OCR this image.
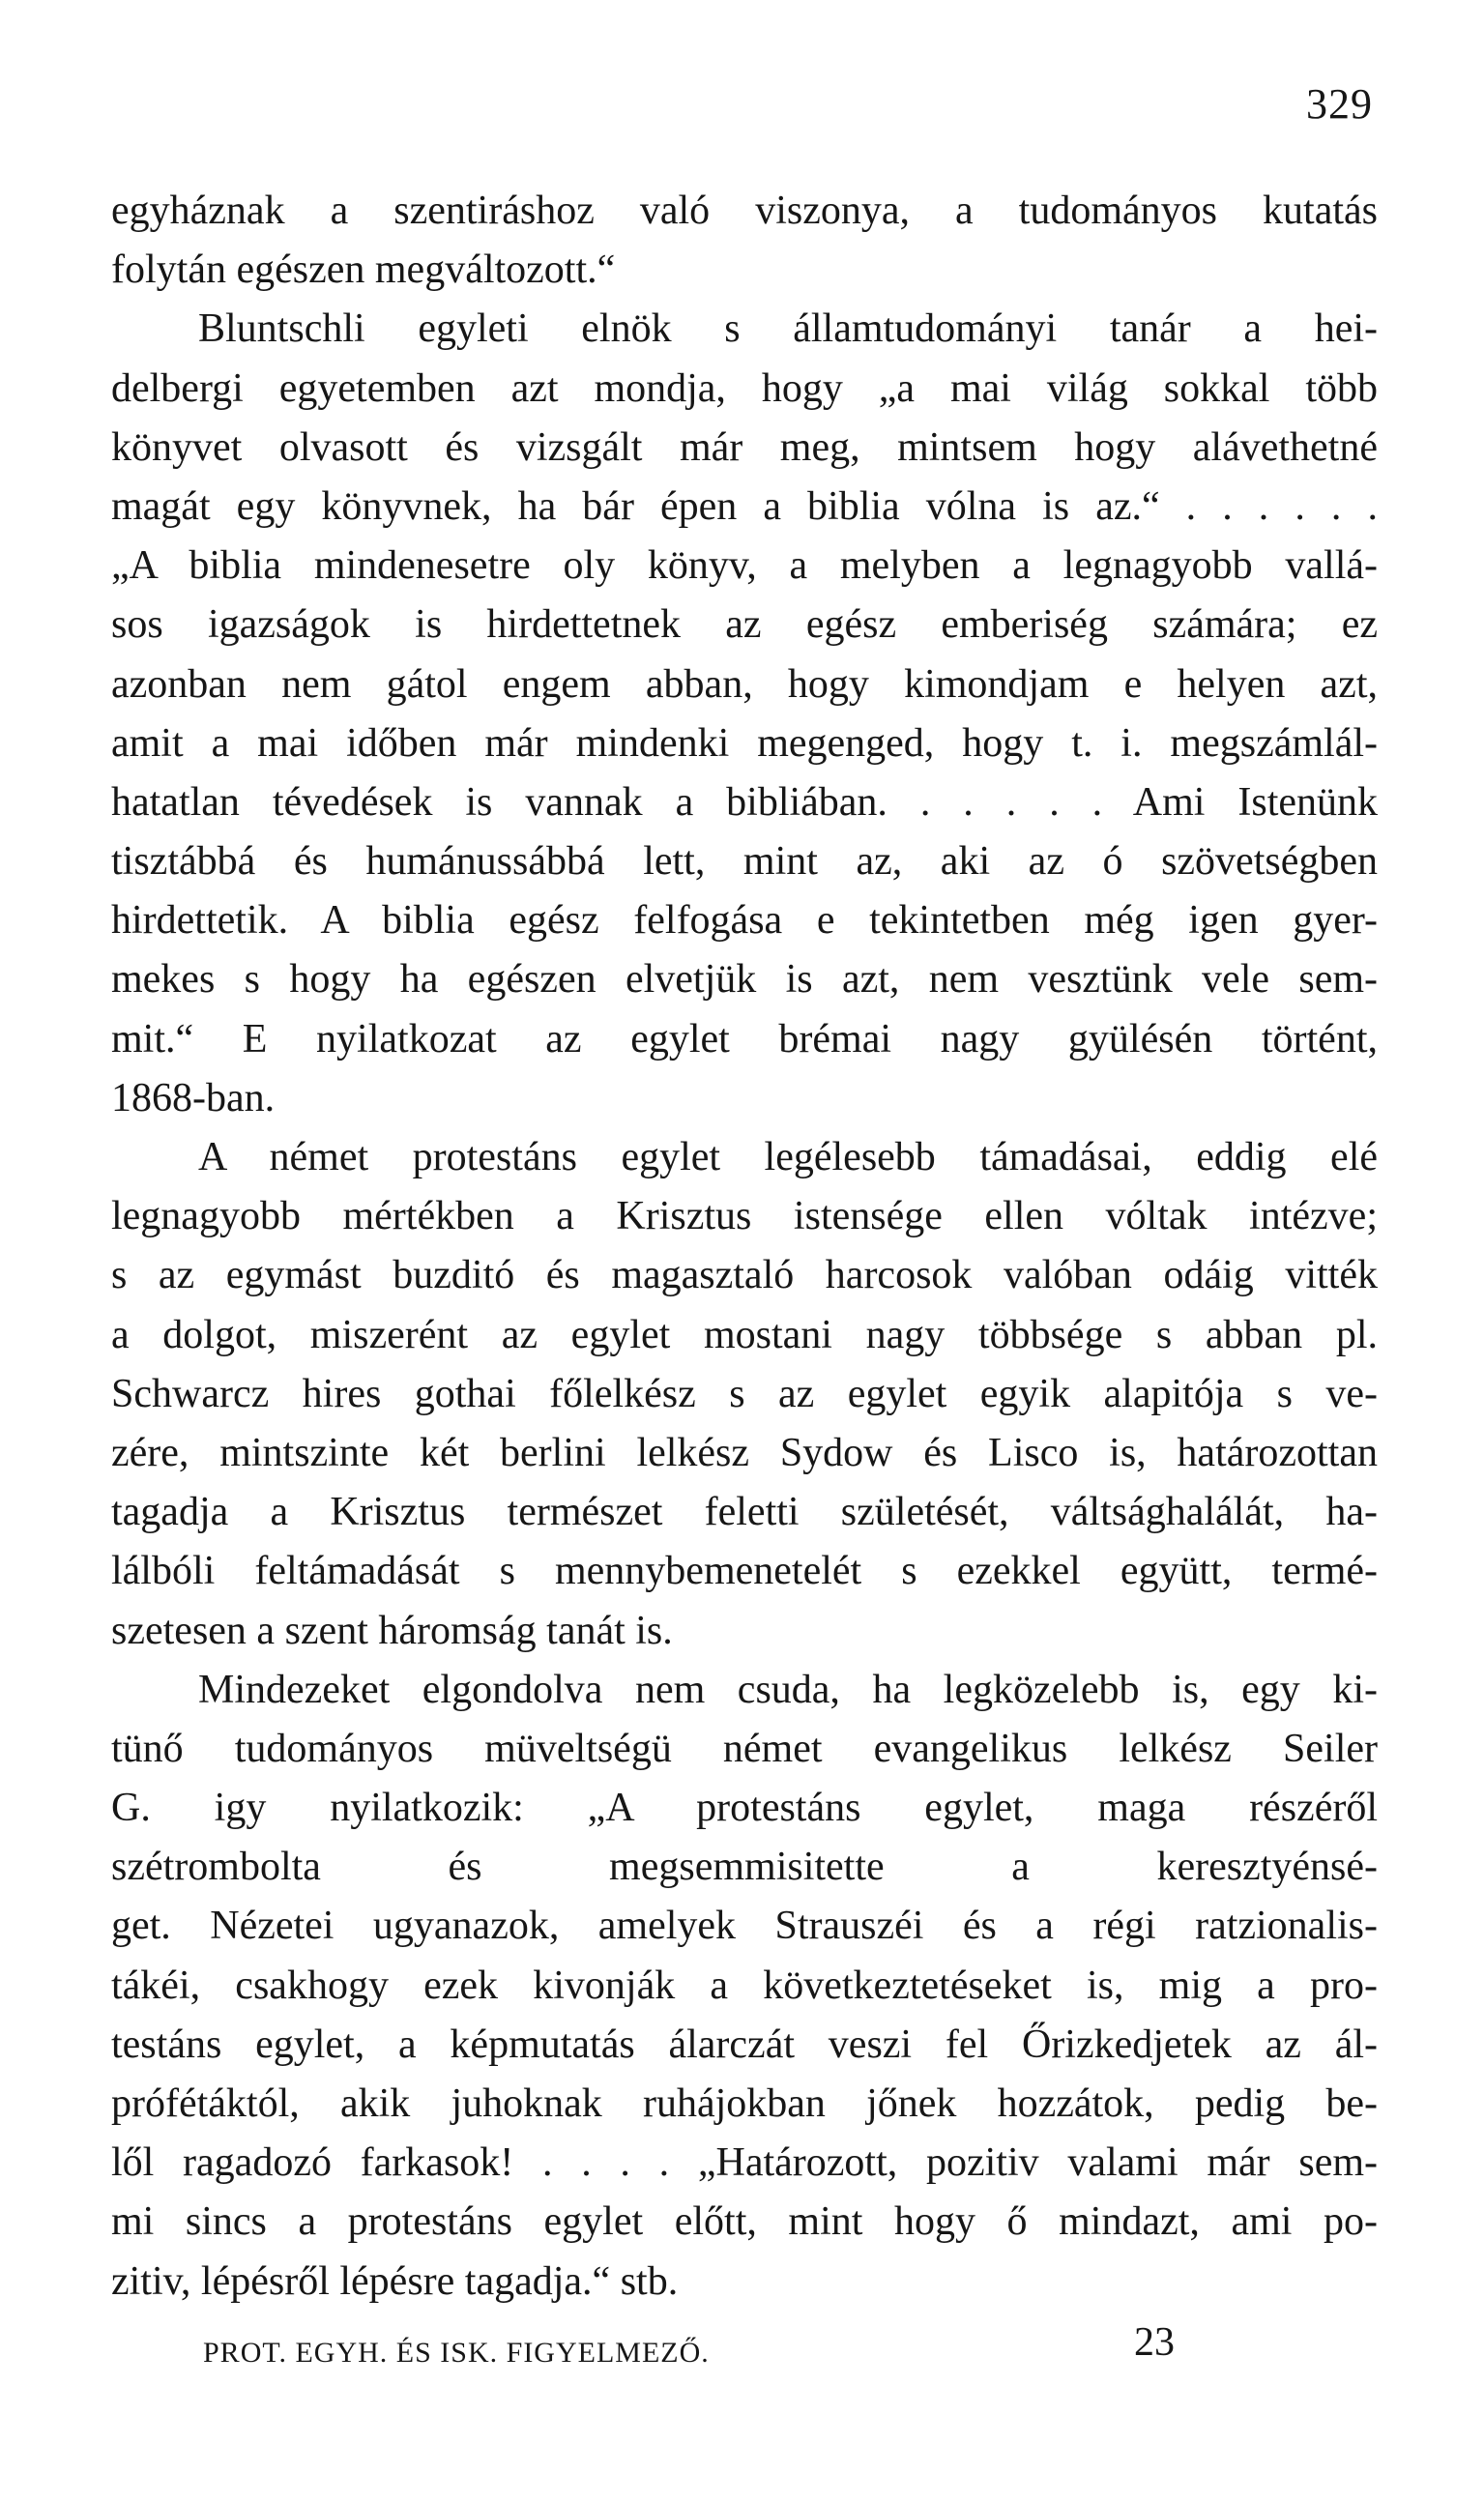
329
egyháznak a szentiráshoz való viszonya, a tudományos kutatás
folytán egészen megváltozott.“
Bluntschli egyleti elnök s államtudományi tanár a hei-
delbergi egyetemben azt mondja, hogy „a mai világ sokkal több
könyvet olvasott és vizsgált már meg, mintsem hogy alávethetné
magát egy könyvnek, ha bár épen a biblia vólna is az.“ . . . . . .
„A biblia mindenesetre oly könyv, a melyben a legnagyobb vallá-
sos igazságok is hirdettetnek az egész emberiség számára; ez
azonban nem gátol engem abban, hogy kimondjam e helyen azt,
amit a mai időben már mindenki megenged, hogy t. i. megszámlál-
hatatlan tévedések is vannak a bibliában. . . . . . Ami Istenünk
tisztábbá és humánussábbá lett, mint az, aki az ó szövetségben
hirdettetik. A biblia egész felfogása e tekintetben még igen gyer-
mekes s hogy ha egészen elvetjük is azt, nem vesztünk vele sem-
mit.“ E nyilatkozat az egylet brémai nagy gyülésén történt,
1868-ban.
A német protestáns egylet legélesebb támadásai, eddig elé
legnagyobb mértékben a Krisztus istensége ellen vóltak intézve;
s az egymást buzditó és magasztaló harcosok valóban odáig vitték
a dolgot, miszerént az egylet mostani nagy többsége s abban pl.
Schwarcz hires gothai főlelkész s az egylet egyik alapitója s ve-
zére, mintszinte két berlini lelkész Sydow és Lisco is, határozottan
tagadja a Krisztus természet feletti születését, váltsághalálát, ha-
lálbóli feltámadását s mennybemenetelét s ezekkel együtt, termé-
szetesen a szent háromság tanát is.
Mindezeket elgondolva nem csuda, ha legközelebb is, egy ki-
tünő tudományos müveltségü német evangelikus lelkész Seiler
G. igy nyilatkozik: „A protestáns egylet, maga részéről
szétrombolta és megsemmisitette a keresztyénsé-
get. Nézetei ugyanazok, amelyek Strauszéi és a régi ratzionalis-
tákéi, csakhogy ezek kivonják a következtetéseket is, mig a pro-
testáns egylet, a képmutatás álarczát veszi fel Őrizkedjetek az ál-
prófétáktól, akik juhoknak ruhájokban jőnek hozzátok, pedig be-
lől ragadozó farkasok! . . . . „Határozott, pozitiv valami már sem-
mi sincs a protestáns egylet előtt, mint hogy ő mindazt, ami po-
zitiv, lépésről lépésre tagadja.“ stb.
PROT. EGYH. ÉS ISK. FIGYELMEZŐ.	23
